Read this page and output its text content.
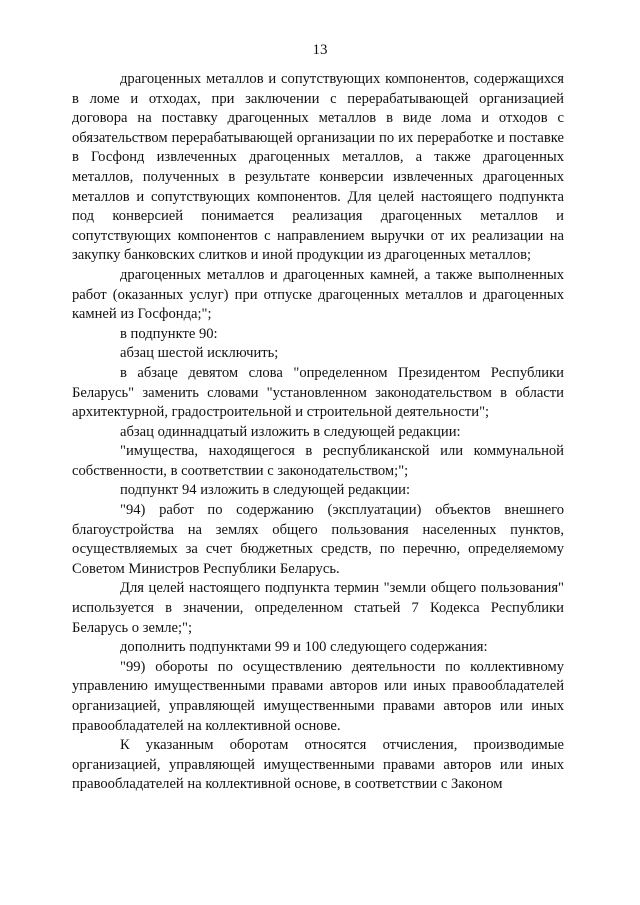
13

драгоценных металлов и сопутствующих компонентов, содержащихся в ломе и отходах, при заключении с перерабатывающей организацией договора на поставку драгоценных металлов в виде лома и отходов с обязательством перерабатывающей организации по их переработке и поставке в Госфонд извлеченных драгоценных металлов, а также драгоценных металлов, полученных в результате конверсии извлеченных драгоценных металлов и сопутствующих компонентов. Для целей настоящего подпункта под конверсией понимается реализация драгоценных металлов и сопутствующих компонентов с направлением выручки от их реализации на закупку банковских слитков и иной продукции из драгоценных металлов;

драгоценных металлов и драгоценных камней, а также выполненных работ (оказанных услуг) при отпуске драгоценных металлов и драгоценных камней из Госфонда;";

в подпункте 90:

абзац шестой исключить;

в абзаце девятом слова "определенном Президентом Республики Беларусь" заменить словами "установленном законодательством в области архитектурной, градостроительной и строительной деятельности";

абзац одиннадцатый изложить в следующей редакции:

"имущества, находящегося в республиканской или коммунальной собственности, в соответствии с законодательством;";

подпункт 94 изложить в следующей редакции:

"94) работ по содержанию (эксплуатации) объектов внешнего благоустройства на землях общего пользования населенных пунктов, осуществляемых за счет бюджетных средств, по перечню, определяемому Советом Министров Республики Беларусь.

Для целей настоящего подпункта термин "земли общего пользования" используется в значении, определенном статьей 7 Кодекса Республики Беларусь о земле;";

дополнить подпунктами 99 и 100 следующего содержания:

"99) обороты по осуществлению деятельности по коллективному управлению имущественными правами авторов или иных правообладателей организацией, управляющей имущественными правами авторов или иных правообладателей на коллективной основе.

К указанным оборотам относятся отчисления, производимые организацией, управляющей имущественными правами авторов или иных правообладателей на коллективной основе, в соответствии с Законом
